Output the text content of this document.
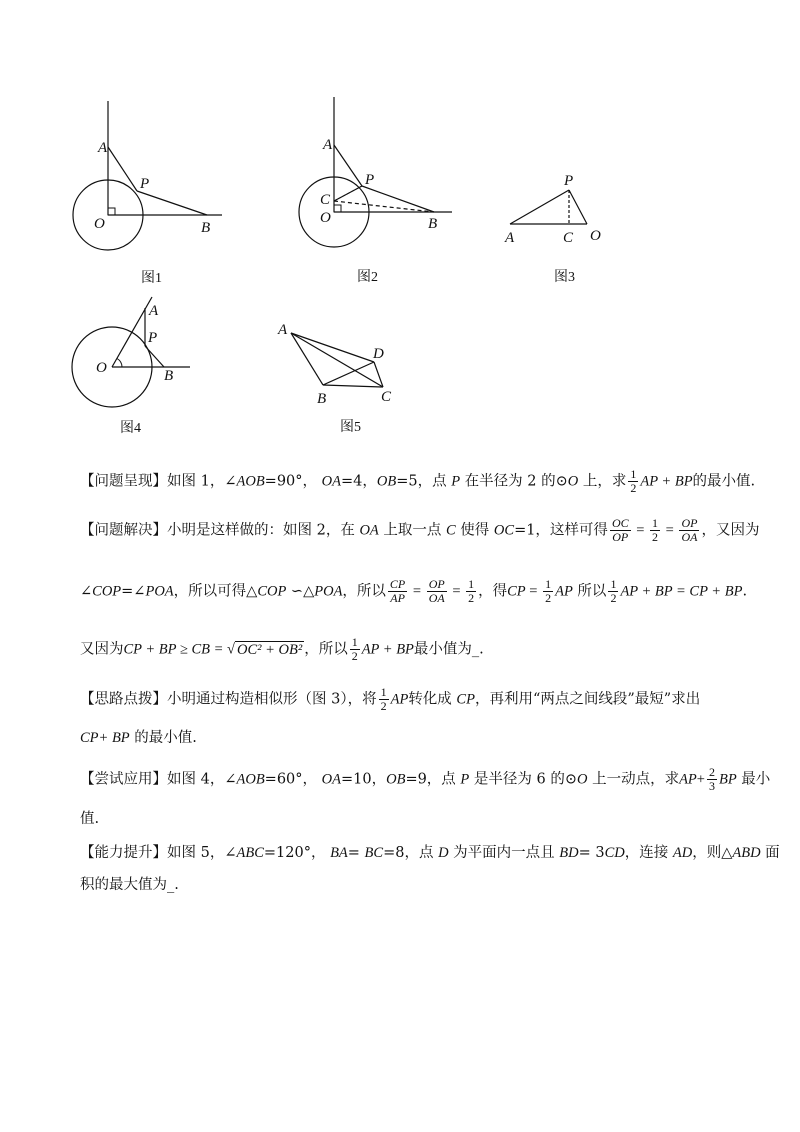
A
P
O	B
图1
A
P
C
O	B
图2
P
A	C O
图3
A
P
O	B
图4
A
D
B	C
图5
【问题呈现】如图 1，∠AOB=90°， OA=4，OB=5，点 P 在半径为 2 的⊙O 上，求 $\frac{1}{2}$ AP + BP的最小值.
【问题解决】小明是这样做的：如图 2，在 OA 上取一点 C 使得 OC=1，这样可得 $\frac{OC}{OP} = \frac{1}{2} = \frac{OP}{OA}$ ，又因为
∠COP=∠POA，所以可得△COP ∽△POA，所以 $\frac{CP}{AP} = \frac{OP}{OA} = \frac{1}{2}$ ，得CP = $\frac{1}{2}$ AP 所以 $\frac{1}{2}$ AP + BP = CP + BP.
又因为CP + BP ≥ CB = √ OC² + OB² ，所以 $\frac{1}{2}$ AP + BP最小值为_.
【思路点拨】小明通过构造相似形（图 3），将 $\frac{1}{2}$ AP转化成 CP，再利用“两点之间线段”最短”求出
CP+ BP 的最小值.
【尝试应用】如图 4，∠AOB=60°， OA=10，OB=9，点 P 是半径为 6 的⊙O 上一动点，求$AP+ \frac{2}{3}$ BP 最小
值.
【能力提升】如图 5，∠ABC=120°， BA= BC=8，点 D 为平面内一点且 BD= 3CD，连接 AD，则△ABD 面
积的最大值为_.
